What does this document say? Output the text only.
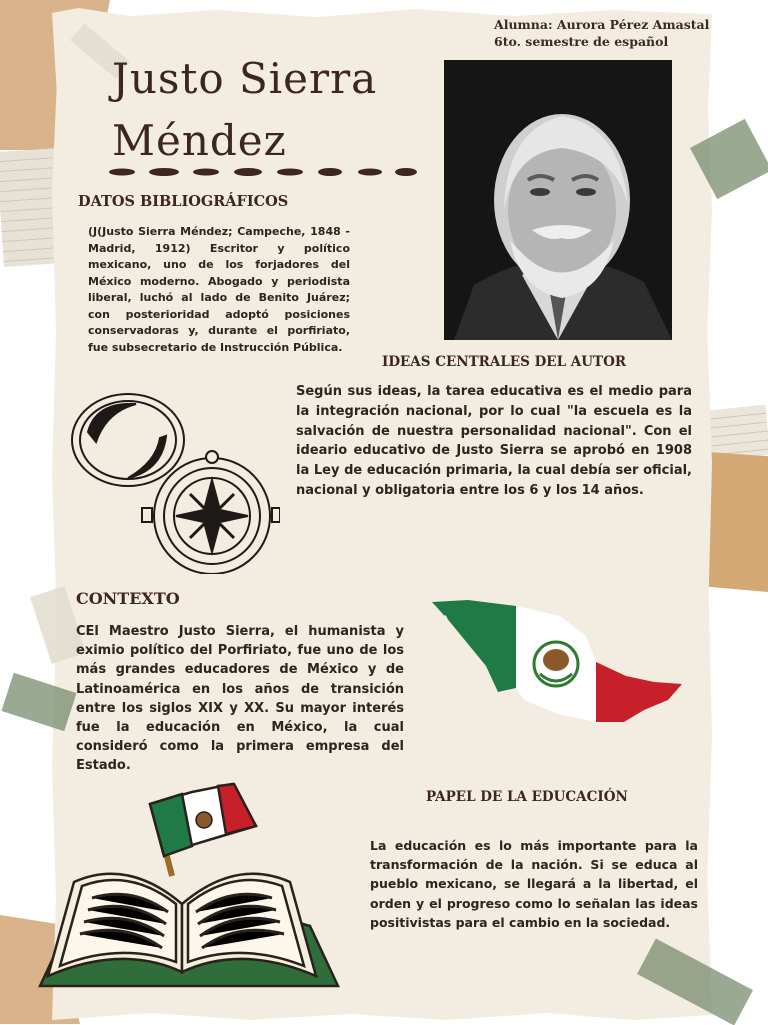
Alumna: Aurora Pérez Amastal
6to. semestre de español
Justo Sierra
Méndez
DATOS BIBLIOGRÁFICOS
(J(Justo Sierra Méndez; Campeche, 1848 - Madrid, 1912) Escritor y político mexicano, uno de los forjadores del México moderno. Abogado y periodista liberal, luchó al lado de Benito Juárez; con posterioridad adoptó posiciones conservadoras y, durante el porfiriato, fue subsecretario de Instrucción Pública.
IDEAS CENTRALES DEL AUTOR
Según sus ideas, la tarea educativa es el medio para la integración nacional, por lo cual "la escuela es la salvación de nuestra personalidad nacional". Con el ideario educativo de Justo Sierra se aprobó en 1908 la Ley de educación primaria, la cual debía ser oficial, nacional y obligatoria entre los 6 y los 14 años.
CONTEXTO
CEl Maestro Justo Sierra, el humanista y eximio político del Porfiriato, fue uno de los más grandes educadores de México y de Latinoamérica en los años de transición entre los siglos XIX y XX. Su mayor interés fue la educación en México, la cual consideró como la primera empresa del Estado.
PAPEL DE LA EDUCACIÓN
La educación es lo más importante para la transformación de la nación. Si se educa al pueblo mexicano, se llegará a la libertad, el orden y el progreso como lo señalan las ideas positivistas para el cambio en la sociedad.
